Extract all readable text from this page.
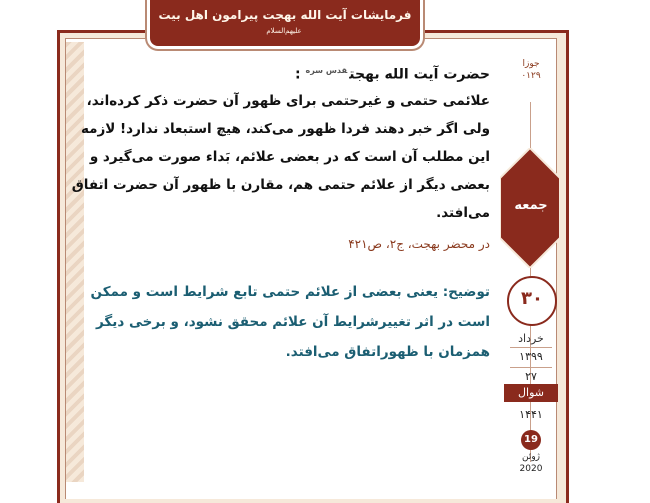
فرمایشات آیت الله بهجت پیرامون اهل بیت علیهم‌السلام

حضرت آیت الله بهجت$^{قدس سره}$ :

علائمی حتمی و غیرحتمی برای ظهور آن حضرت ذکر کرده‌اند، ولی اگر خبر دهند فردا ظهور می‌کند، هیچ استبعاد ندارد! لازمه این مطلب آن است که در بعضی علائم، بَداء صورت می‌گیرد و بعضی دیگر از علائم حتمی هم، مقارن با ظهور آن حضرت اتفاق می‌افتد.

در محضر بهجت، ج۲، ص۴۲۱
توضیح: یعنی بعضی از علائم حتمی تابع شرایط است و ممکن است در اثر تغییرشرایط آن علائم محقق نشود، و برخی دیگر همزمان با ظهوراتفاق می‌افتد.
جوزا
۰۱۲۹
جمعه
۳۰
خرداد
۱۳۹۹
۲۷
شوال
۱۴۴۱
19
ژوئن
2020
